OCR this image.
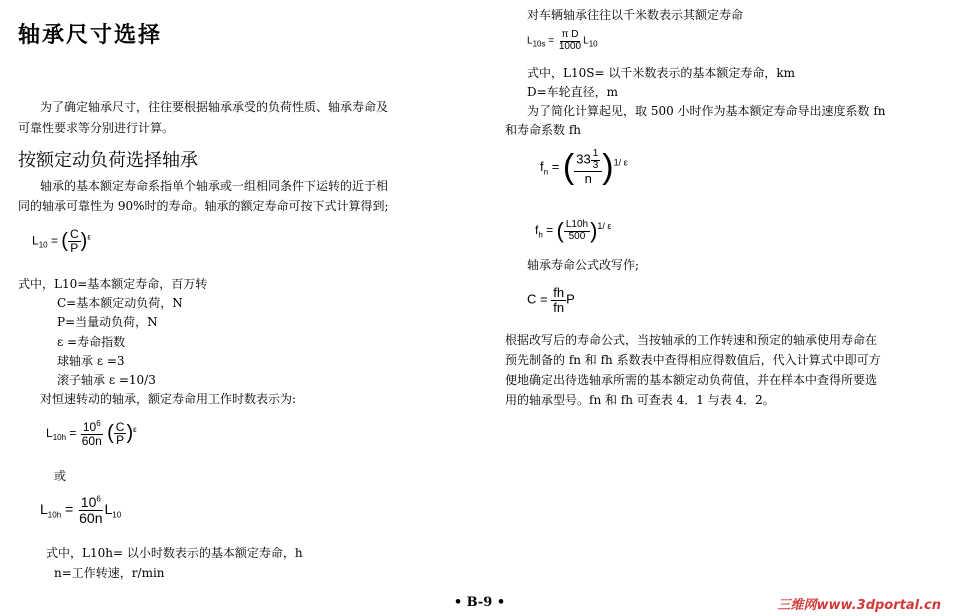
轴承尺寸选择
为了确定轴承尺寸，往往要根据轴承承受的负荷性质、轴承寿命及
可靠性要求等分别进行计算。
按额定动负荷选择轴承
轴承的基本额定寿命系指单个轴承或一组相同条件下运转的近于相
同的轴承可靠性为 90%时的寿命。轴承的额定寿命可按下式计算得到;
$L_{10}$ = ( $\frac{C}{P} )^\varepsilon$
式中，L10=基本额定寿命，百万转
C=基本额定动负荷，N
P=当量动负荷，N
ε =寿命指数
球轴承 ε =3
滚子轴承 ε =10/3
对恒速转动的轴承，额定寿命用工作时数表示为:
$L_{10h} = \frac{10^6}{60n}$ ( $\frac{C}{P} )^\varepsilon$
或
$L_{10h} = \frac{10^6}{60n} L_{10}$
式中，L10h= 以小时数表示的基本额定寿命，h
n=工作转速，r/min
对车辆轴承往往以千米数表示其额定寿命
$L_{10s} = \frac{\text{π D}}{1000} L_{10}$
式中，L10S= 以千米数表示的基本额定寿命，km
D=车轮直径，m
为了简化计算起见，取 500 小时作为基本额定寿命导出速度系数 fn
和寿命系数 fh
$f_n$ = ( $\frac{33 \frac{1}{3}}{n} )^{1/ \varepsilon}$
$f_h$ = ( $\frac{L10h}{500} )^{1/ \varepsilon}$
轴承寿命公式改写作;
$C = \frac{fh}{fn}$ P
根据改写后的寿命公式，当按轴承的工作转速和预定的轴承使用寿命在
预先制备的 fn 和 fh 系数表中查得相应得数值后，代入计算式中即可方
便地确定出待选轴承所需的基本额定动负荷值，并在样本中查得所要选
用的轴承型号。fn 和 fh 可查表 4．1 与表 4．2。
• B-9 •	三维网www.3dportal.cn
